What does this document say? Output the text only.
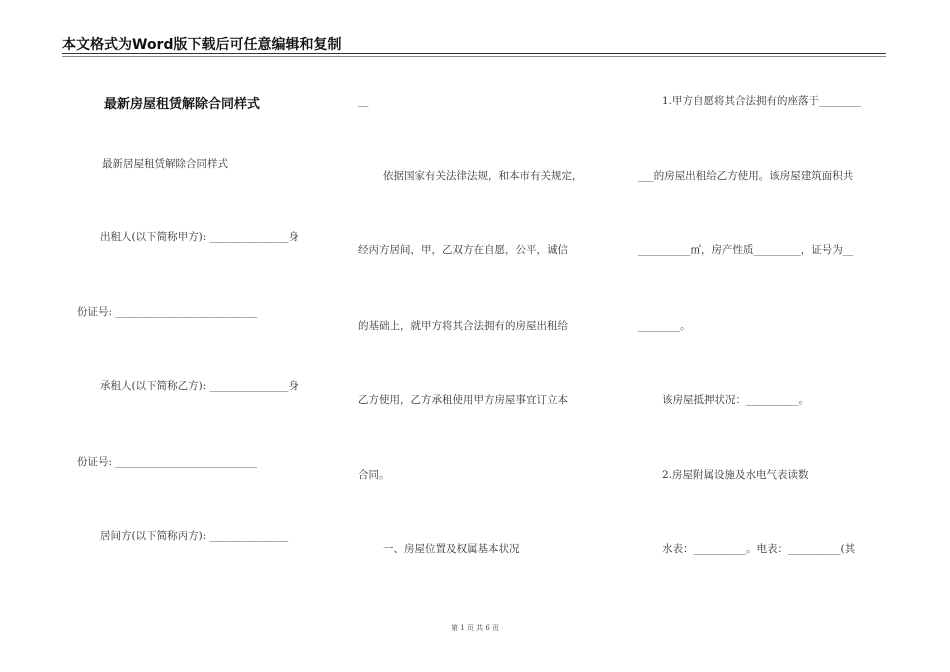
本文格式为Word版下载后可任意编辑和复制
最新房屋租赁解除合同样式
最新居屋租赁解除合同样式
出租人(以下简称甲方): _______________身
份证号: ___________________________
承租人(以下简称乙方): _______________身
份证号: ___________________________
居间方(以下简称丙方): _______________
__
依据国家有关法律法规，和本市有关规定，
经丙方居间，甲，乙双方在自愿，公平，诚信
的基础上，就甲方将其合法拥有的房屋出租给
乙方使用，乙方承租使用甲方房屋事宜订立本
合同。
一、房屋位置及权属基本状况
1.甲方自愿将其合法拥有的座落于________
___的房屋出租给乙方使用。该房屋建筑面积共
__________㎡，房产性质_________，证号为__
________。
该房屋抵押状况：__________。
2.房屋附属设施及水电气表读数
水表：__________。电表：__________(其
第 1 页 共 6 页
